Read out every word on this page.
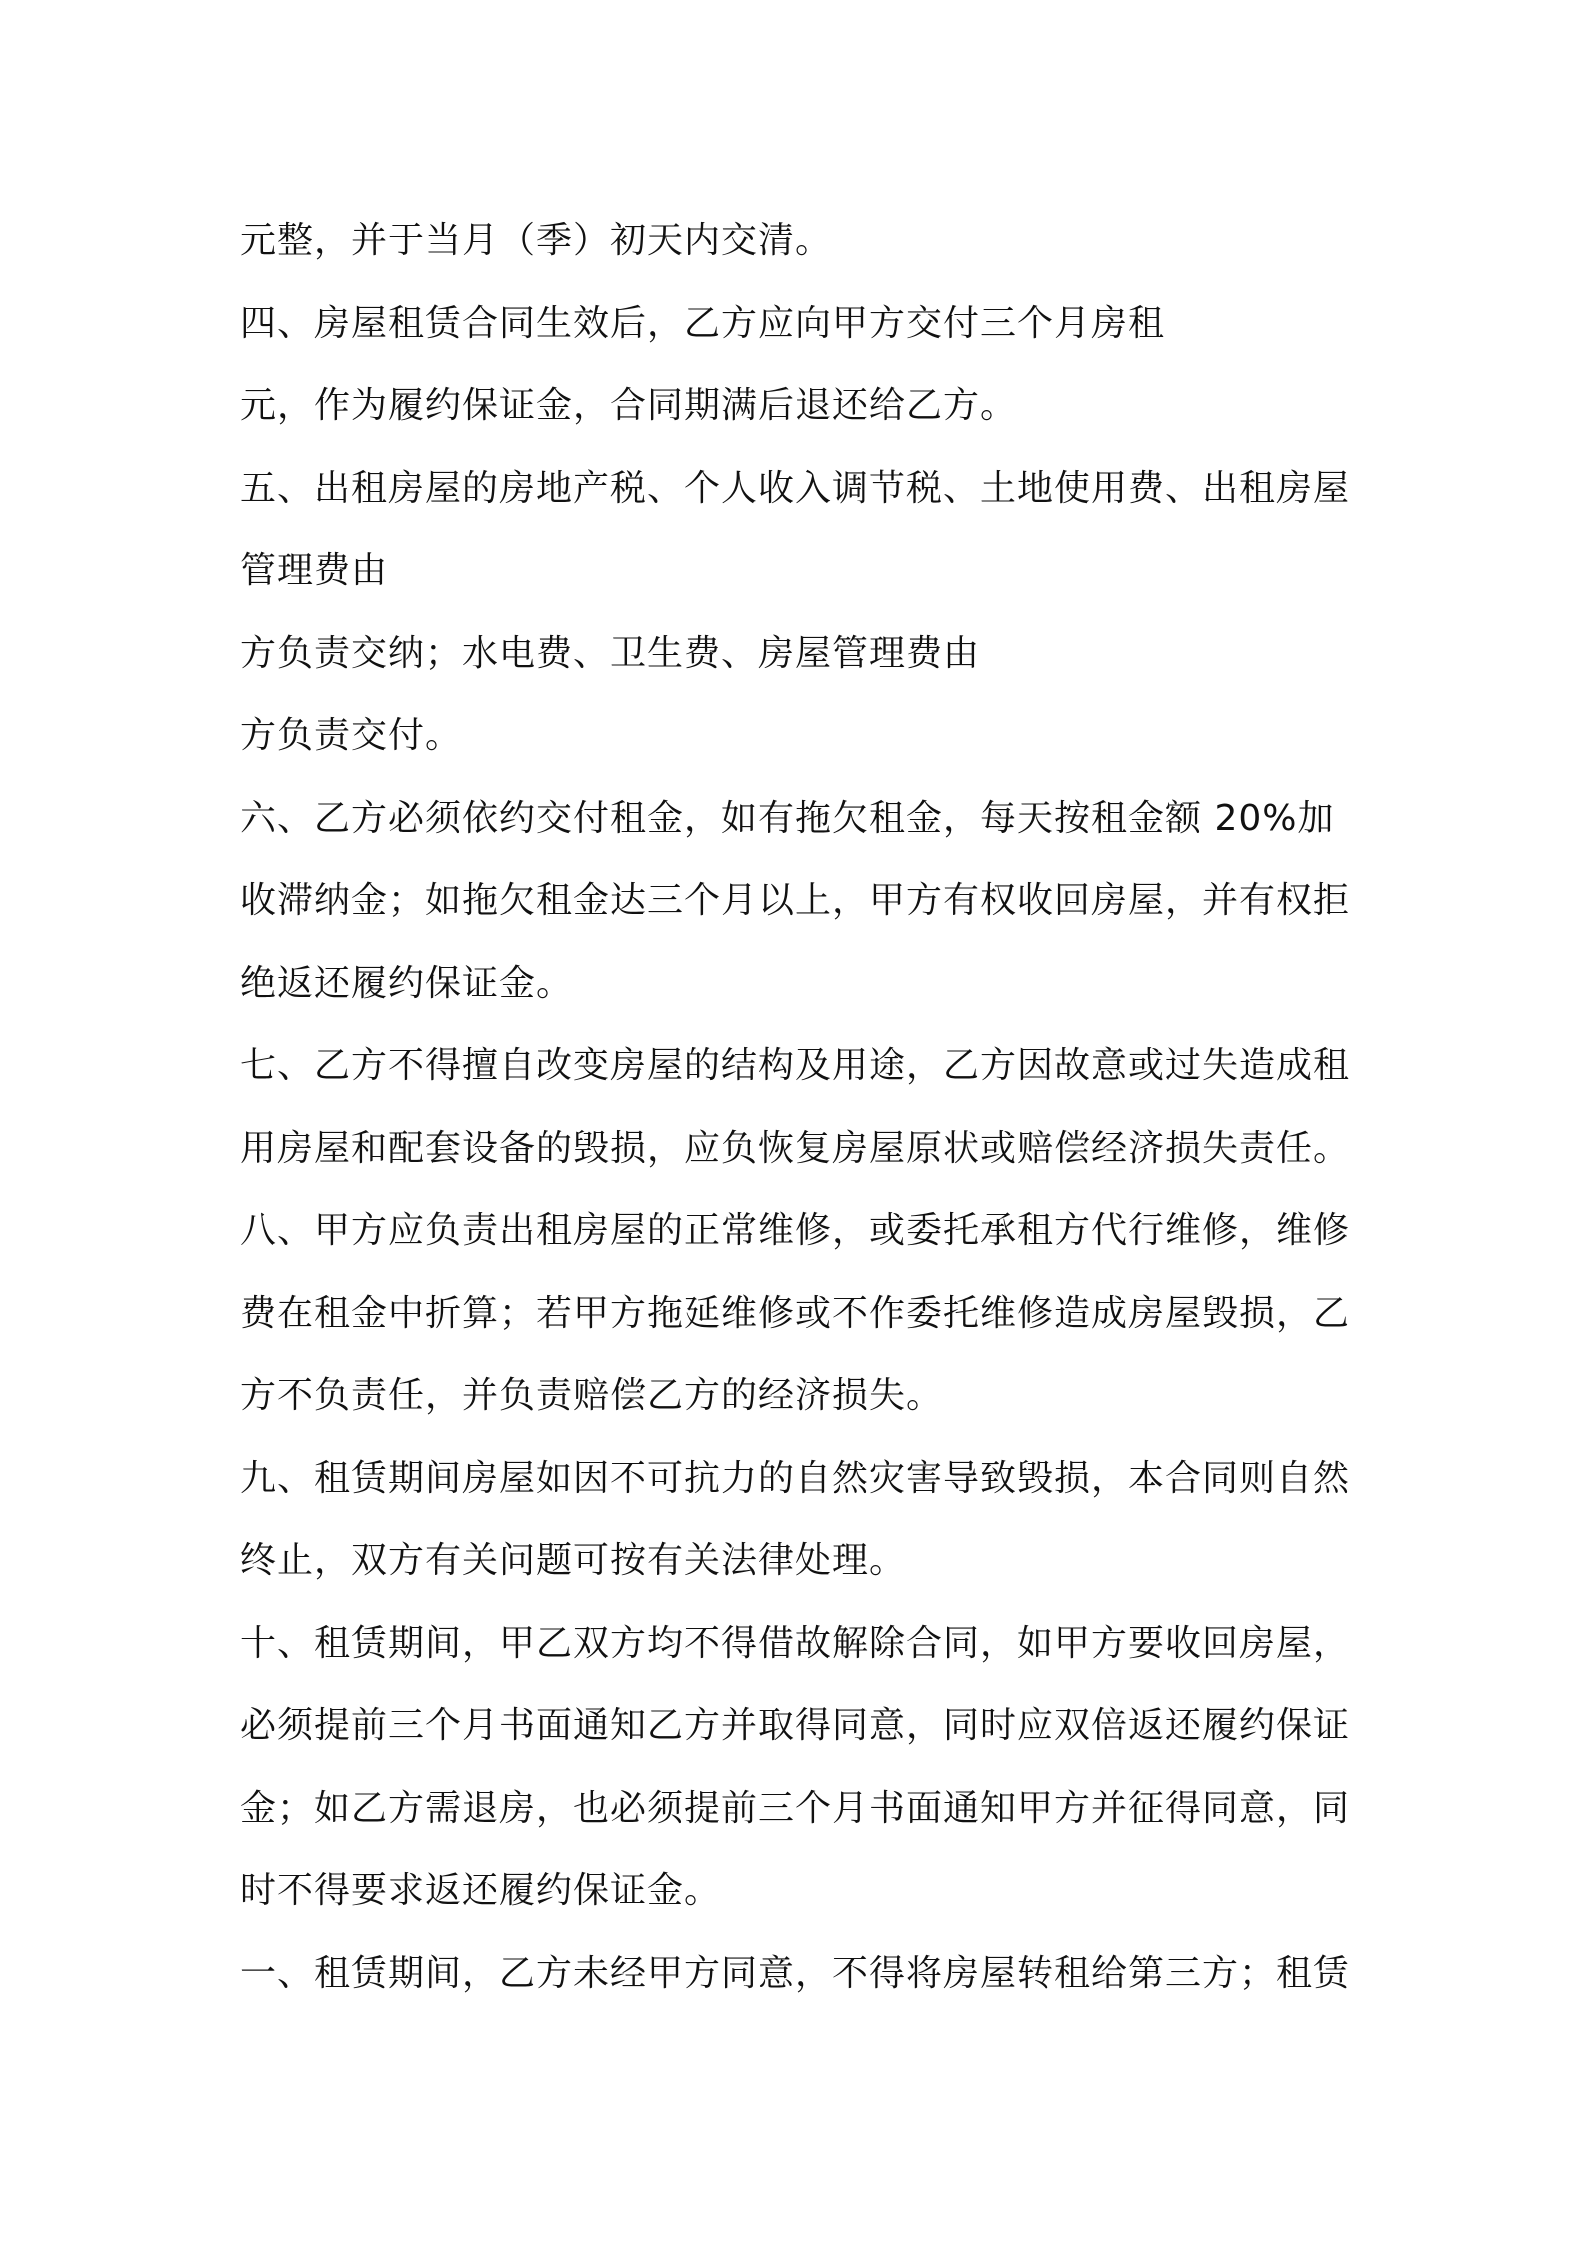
元整，并于当月（季）初天内交清。
四、房屋租赁合同生效后，乙方应向甲方交付三个月房租
元，作为履约保证金，合同期满后退还给乙方。
五、出租房屋的房地产税、个人收入调节税、土地使用费、出租房屋
管理费由
方负责交纳；水电费、卫生费、房屋管理费由
方负责交付。
六、乙方必须依约交付租金，如有拖欠租金，每天按租金额 20%加
收滞纳金；如拖欠租金达三个月以上，甲方有权收回房屋，并有权拒
绝返还履约保证金。
七、乙方不得擅自改变房屋的结构及用途，乙方因故意或过失造成租
用房屋和配套设备的毁损，应负恢复房屋原状或赔偿经济损失责任。
八、甲方应负责出租房屋的正常维修，或委托承租方代行维修，维修
费在租金中折算；若甲方拖延维修或不作委托维修造成房屋毁损，乙
方不负责任，并负责赔偿乙方的经济损失。
九、租赁期间房屋如因不可抗力的自然灾害导致毁损，本合同则自然
终止，双方有关问题可按有关法律处理。
十、租赁期间，甲乙双方均不得借故解除合同，如甲方要收回房屋，
必须提前三个月书面通知乙方并取得同意，同时应双倍返还履约保证
金；如乙方需退房，也必须提前三个月书面通知甲方并征得同意，同
时不得要求返还履约保证金。
一、租赁期间，乙方未经甲方同意，不得将房屋转租给第三方；租赁
